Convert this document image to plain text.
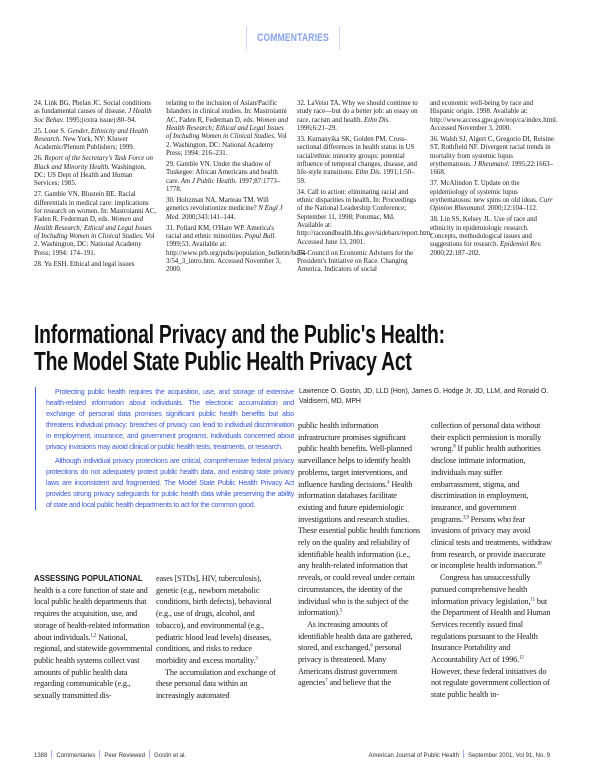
COMMENTARIES

24. Link BG, Phelan JC. Social conditions as fundamental causes of disease. J Health Soc Behav. 1995;(extra issue):80–94.

25. Loue S. Gender, Ethnicity and Health Research. New York, NY: Kluwer Academic/Plenum Publishers; 1999.

26. Report of the Secretary's Task Force on Black and Minority Health. Washington, DC: US Dept of Health and Human Services; 1985.

27. Gamble VN, Blustein BE. Racial differentials in medical care: implications for research on women. In: Mastroianni AC, Faden R, Federman D, eds. Women and Health Research; Ethical and Legal Issues of Including Women in Clinical Studies. Vol 2. Washington, DC: National Academy Press; 1994: 174–191.

28. Yu ESH. Ethical and legal issues

relating to the inclusion of Asian/Pacific Islanders in clinical studies. In: Mastroianni AC, Faden R, Federman D, eds. Women and Health Research; Ethical and Legal Issues of Including Women in Clinical Studies. Vol 2. Washington, DC: National Academy Press; 1994: 216–231.

29. Gamble VN. Under the shadow of Tuskegee: African Americans and health care. Am J Public Health. 1997;87:1773–1778.

30. Holtzman NA, Marteau TM. Will genetics revolutionize medicine? N Engl J Med. 2000;343:141–144.

31. Pollard KM, O'Hare WP. America's racial and ethnic minorities. Popul Bull. 1999;53. Available at: http://www.prb.org/pubs/population_bulletin/bu54-3/54_3_intro.htm. Accessed November 3, 2000.

32. LaVeist TA. Why we should continue to study race—but do a better job: an essay on race, racism and health. Ethn Dis. 1996;6:21–29.

33. Kumanyika SK, Golden PM. Cross-sectional differences in health status in US racial/ethnic minority groups: potential influence of temporal changes, disease, and life-style transitions. Ethn Dis. 1991;1:50–59.

34. Call to action: eliminating racial and ethnic disparities in health. In: Proceedings of the National Leadership Conference; September 11, 1998; Potomac, Md. Available at: http://raceandhealth.hhs.gov/sidebars/report.htm. Accessed June 13, 2001.

35. Council on Economic Advisers for the President's Initiative on Race. Changing America. Indicators of social

and economic well-being by race and Hispanic origin. 1998. Available at: http://www.access.gpo.gov/eop/ca/index.html. Accessed November 3, 2000.

36. Walsh SJ, Algert C, Gregorio DI, Reisine ST, Rothfield NF. Divergent racial trends in mortality from systemic lupus erythematosus. J Rheumatol. 1995;22:1663–1668.

37. McAlindon T. Update on the epidemiology of systemic lupus erythematosus: new spins on old ideas. Curr Opinion Rheumatol. 2000;12:104–112.

38. Lin SS, Kelsey JL. Use of race and ethnicity in epidemiologic research. Concepts, methodological issues and suggestions for research. Epidemiol Rev. 2000;22:187–202.

Informational Privacy and the Public's Health:
The Model State Public Health Privacy Act

Protecting public health requires the acquisition, use, and storage of extensive health-related information about individuals. The electronic accumulation and exchange of personal data promises significant public health benefits but also threatens individual privacy; breaches of privacy can lead to individual discrimination in employment, insurance, and government programs. Individuals concerned about privacy invasions may avoid clinical or public health tests, treatments, or research.

Although individual privacy protections are critical, comprehensive federal privacy protections do not adequately protect public health data, and existing state privacy laws are inconsistent and fragmented. The Model State Public Health Privacy Act provides strong privacy safeguards for public health data while preserving the ability of state and local public health departments to act for the common good.

Lawrence O. Gostin, JD, LLD (Hon), James G. Hodge Jr, JD, LLM, and Ronald O. Valdiserri, MD, MPH

ASSESSING POPULATIONAL health is a core function of state and local public health departments that requires the acquisition, use, and storage of health-related information about individuals.$^{1,2}$ National, regional, and statewide governmental public health systems collect vast amounts of public health data regarding communicable (e.g., sexually transmitted dis-

eases [STDs], HIV, tuberculosis), genetic (e.g., newborn metabolic conditions, birth defects), behavioral (e.g., use of drugs, alcohol, and tobacco), and environmental (e.g., pediatric blood lead levels) diseases, conditions, and risks to reduce morbidity and excess mortality.$^3$

The accumulation and exchange of these personal data within an increasingly automated

public health information infrastructure promises significant public health benefits. Well-planned surveillance helps to identify health problems, target interventions, and influence funding decisions.$^4$ Health information databases facilitate existing and future epidemiologic investigations and research studies. These essential public health functions rely on the quality and reliability of identifiable health information (i.e., any health-related information that reveals, or could reveal under certain circumstances, the identity of the individual who is the subject of the information).$^5$

As increasing amounts of identifiable health data are gathered, stored, and exchanged,$^6$ personal privacy is threatened. Many Americans distrust government agencies$^7$ and believe that the

collection of personal data without their explicit permission is morally wrong.$^8$ If public health authorities disclose intimate information, individuals may suffer embarrassment, stigma, and discrimination in employment, insurance, and government programs.$^{3,9}$ Persons who fear invasions of privacy may avoid clinical tests and treatments, withdraw from research, or provide inaccurate or incomplete health information.$^{10}$

Congress has unsuccessfully pursued comprehensive health information privacy legislation,$^{11}$ but the Department of Health and Human Services recently issued final regulations pursuant to the Health Insurance Portability and Accountability Act of 1996.12 However, these federal initiatives do not regulate government collection of state public health in-

1388 Commentaries Peer Reviewed Gostin et al.	American Journal of Public Health September 2001, Vol 91, No. 9
